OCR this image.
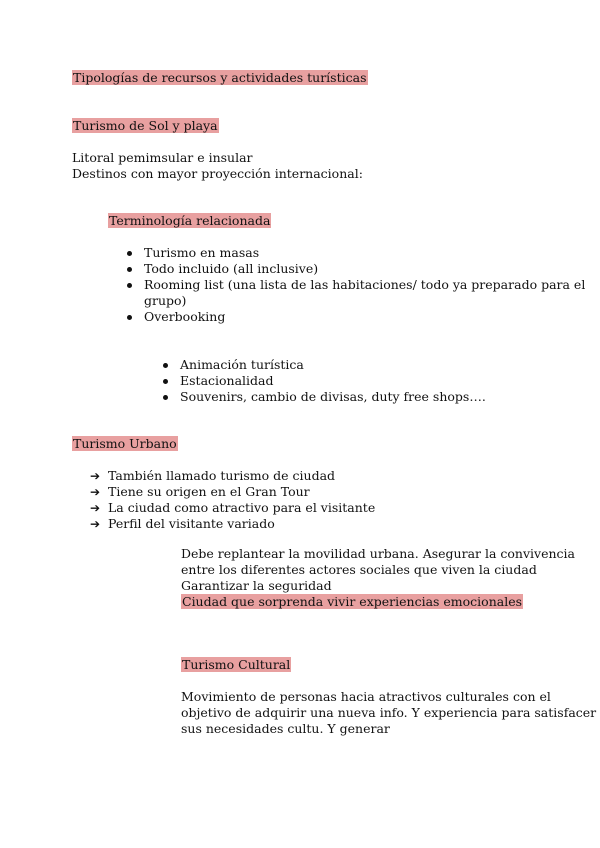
Tipologías de recursos y actividades turísticas
Turismo de Sol y playa
Litoral pemimsular e insular
Destinos con mayor proyección internacional:
Terminología relacionada
Turismo en masas
Todo incluido (all inclusive)
Rooming list (una lista de las habitaciones/ todo ya preparado para el
grupo)
Overbooking
Animación turística
Estacionalidad
Souvenirs, cambio de divisas, duty free shops….
Turismo Urbano
➔ También llamado turismo de ciudad
➔ Tiene su origen en el Gran Tour
➔ La ciudad como atractivo para el visitante
➔ Perfil del visitante variado
Debe replantear la movilidad urbana. Asegurar la convivencia
entre los diferentes actores sociales que viven la ciudad
Garantizar la seguridad
Ciudad que sorprenda vivir experiencias emocionales
Turismo Cultural
Movimiento de personas hacia atractivos culturales con el
objetivo de adquirir una nueva info. Y experiencia para satisfacer
sus necesidades cultu. Y generar
